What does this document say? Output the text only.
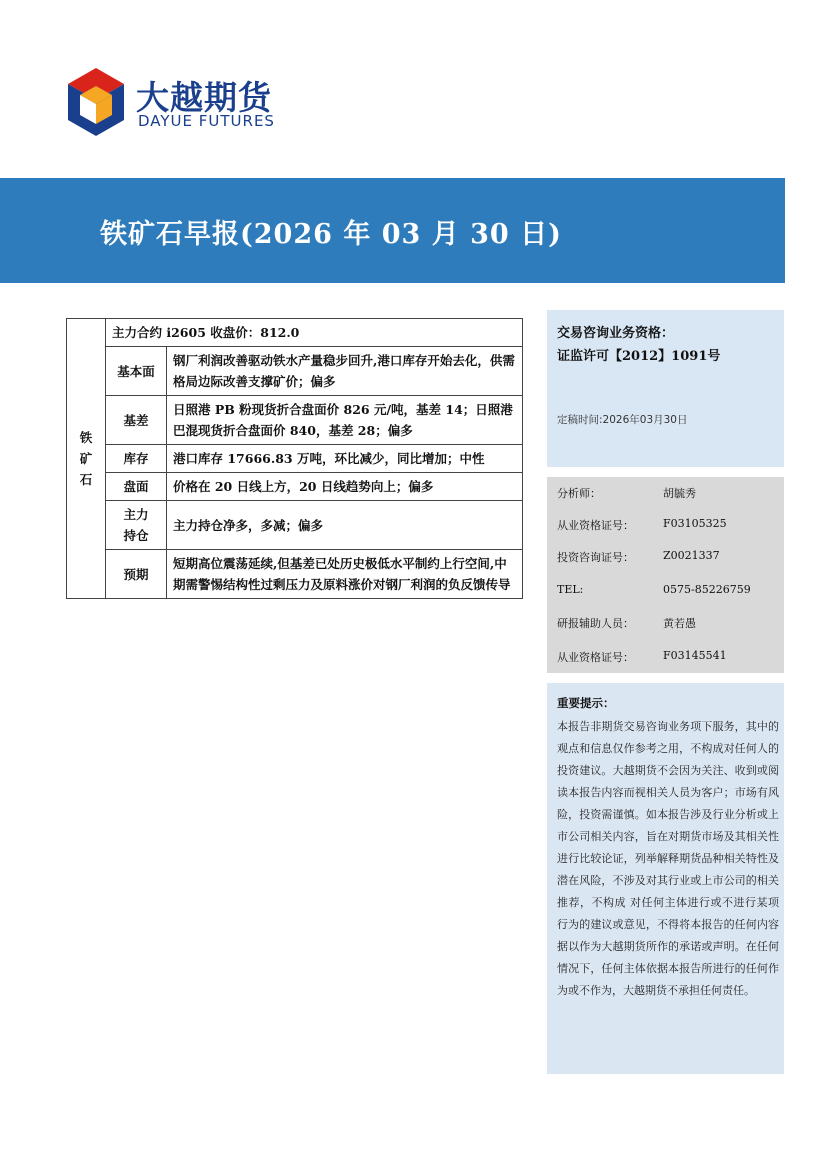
大越期货
DAYUE FUTURES
铁矿石早报(2026 年 03 月 30 日)
铁矿石	主力合约 i2605 收盘价：812.0	
	基本面	钢厂利润改善驱动铁水产量稳步回升,港口库存开始去化，供需格局边际改善支撑矿价；偏多
	基差	日照港 PB 粉现货折合盘面价 826 元/吨，基差 14；日照港巴混现货折合盘面价 840，基差 28；偏多
	库存	港口库存 17666.83 万吨，环比减少，同比增加；中性
	盘面	价格在 20 日线上方，20 日线趋势向上；偏多
	主力持仓	主力持仓净多，多减；偏多
	预期	短期高位震荡延续,但基差已处历史极低水平制约上行空间,中期需警惕结构性过剩压力及原料涨价对钢厂利润的负反馈传导
交易咨询业务资格：
证监许可【2012】1091号
定稿时间:2026年03月30日
分析师：	胡毓秀
从业资格证号：	F03105325
投资咨询证号：	Z0021337
TEL:	0575-85226759
研报辅助人员：	黄若愚
从业资格证号：	F03145541
重要提示：
本报告非期货交易咨询业务项下服务，其中的观点和信息仅作参考之用，不构成对任何人的投资建议。大越期货不会因为关注、收到或阅读本报告内容而视相关人员为客户；市场有风险，投资需谨慎。如本报告涉及行业分析或上市公司相关内容，旨在对期货市场及其相关性进行比较论证，列举解释期货品种相关特性及潜在风险，不涉及对其行业或上市公司的相关推荐，不构成 对任何主体进行或不进行某项行为的建议或意见，不得将本报告的任何内容据以作为大越期货所作的承诺或声明。在任何情况下，任何主体依据本报告所进行的任何作为或不作为，大越期货不承担任何责任。
